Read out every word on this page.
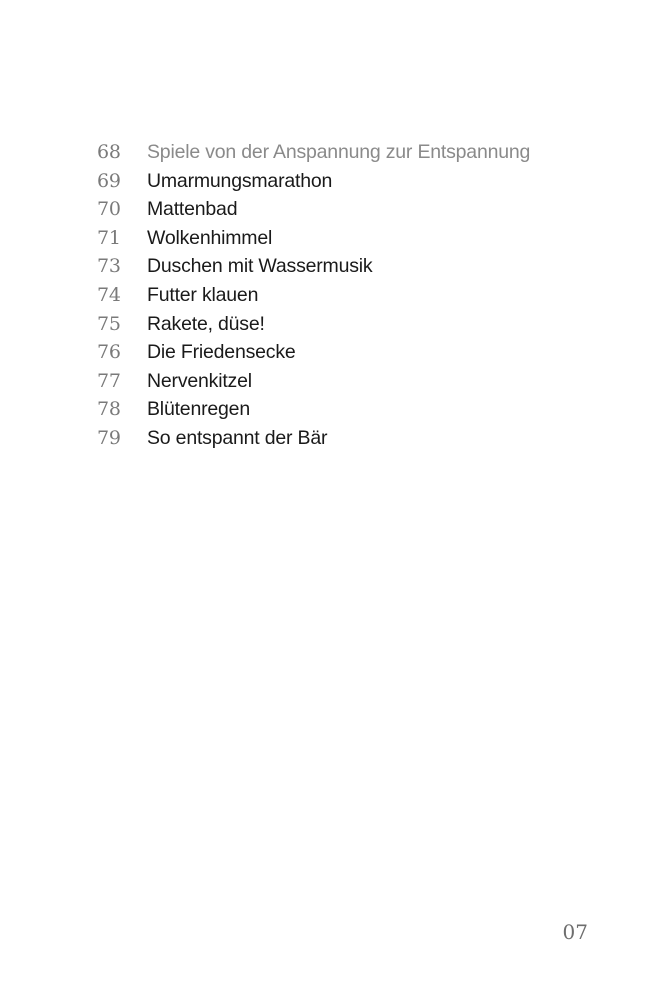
68	Spiele von der Anspannung zur Entspannung
69	Umarmungsmarathon
70	Mattenbad
71	Wolkenhimmel
73	Duschen mit Wassermusik
74	Futter klauen
75	Rakete, düse!
76	Die Friedensecke
77	Nervenkitzel
78	Blütenregen
79	So entspannt der Bär
07
